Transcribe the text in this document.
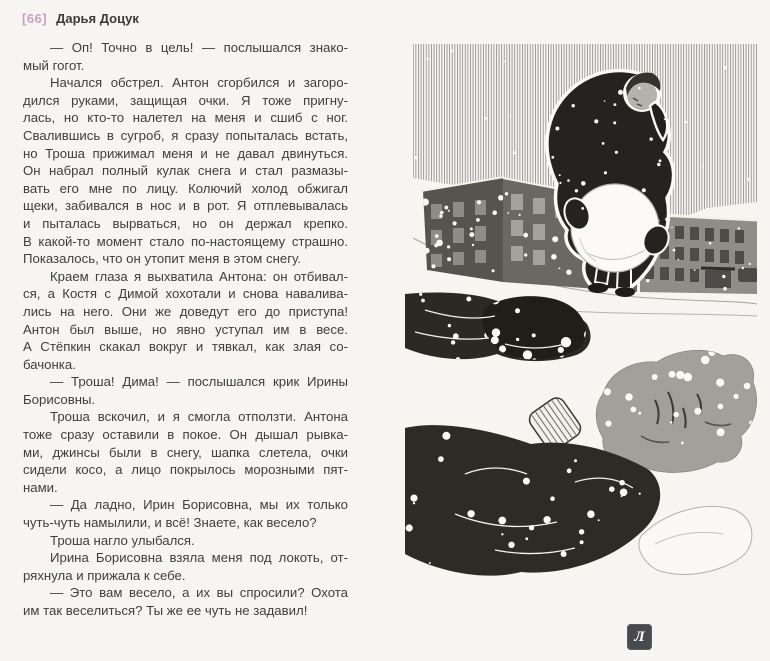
[66] Дарья Доцук
— Оп! Точно в цель! — послышался знако-
мый гогот.
Начался обстрел. Антон сгорбился и загоро-
дился руками, защищая очки. Я тоже пригну-
лась, но кто-то налетел на меня и сшиб с ног.
Свалившись в сугроб, я сразу попыталась встать,
но Троша прижимал меня и не давал двинуться.
Он набрал полный кулак снега и стал размазы-
вать его мне по лицу. Колючий холод обжигал
щеки, забивался в нос и в рот. Я отплевывалась
и пыталась вырваться, но он держал крепко.
В какой-то момент стало по-настоящему страшно.
Показалось, что он утопит меня в этом снегу.
Краем глаза я выхватила Антона: он отбивал-
ся, а Костя с Димой хохотали и снова навалива-
лись на него. Они же доведут его до приступа!
Антон был выше, но явно уступал им в весе.
А Стёпкин скакал вокруг и тявкал, как злая со-
бачонка.
— Троша! Дима! — послышался крик Ирины
Борисовны.
Троша вскочил, и я смогла отползти. Антона
тоже сразу оставили в покое. Он дышал рывка-
ми, джинсы были в снегу, шапка слетела, очки
сидели косо, а лицо покрылось морозными пят-
нами.
— Да ладно, Ирин Борисовна, мы их только
чуть-чуть намылили, и всё! Знаете, как весело?
Троша нагло улыбался.
Ирина Борисовна взяла меня под локоть, от-
ряхнула и прижала к себе.
— Это вам весело, а их вы спросили? Охота
им так веселиться? Ты же ее чуть не задавил!
Л
